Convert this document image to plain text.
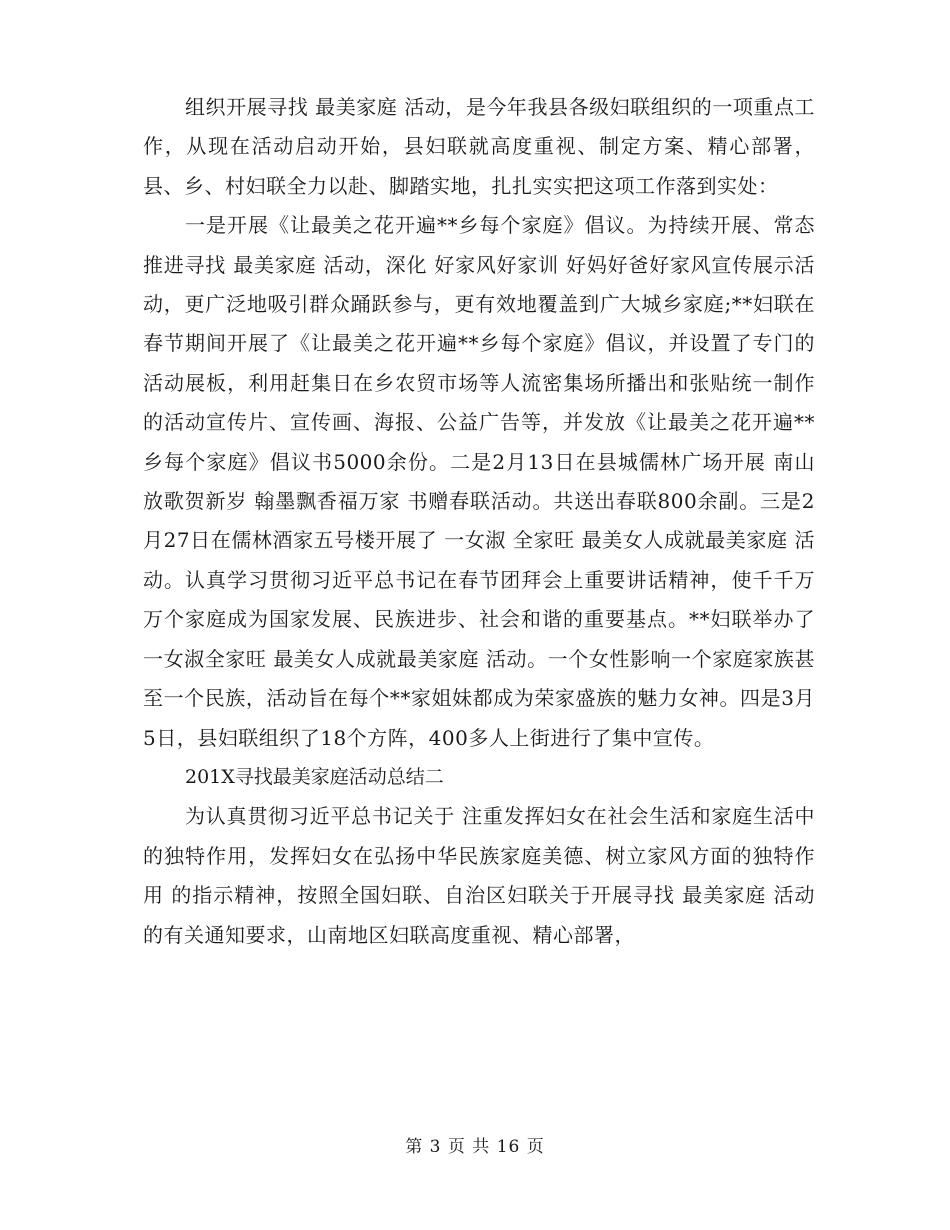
组织开展寻找 最美家庭 活动，是今年我县各级妇联组织的一项重点工作，从现在活动启动开始，县妇联就高度重视、制定方案、精心部署，县、乡、村妇联全力以赴、脚踏实地，扎扎实实把这项工作落到实处：

一是开展《让最美之花开遍**乡每个家庭》倡议。为持续开展、常态推进寻找 最美家庭 活动，深化 好家风好家训 好妈好爸好家风宣传展示活动，更广泛地吸引群众踊跃参与，更有效地覆盖到广大城乡家庭;**妇联在春节期间开展了《让最美之花开遍**乡每个家庭》倡议，并设置了专门的活动展板，利用赶集日在乡农贸市场等人流密集场所播出和张贴统一制作的活动宣传片、宣传画、海报、公益广告等，并发放《让最美之花开遍**乡每个家庭》倡议书5000余份。二是2月13日在县城儒林广场开展 南山放歌贺新岁 翰墨飘香福万家 书赠春联活动。共送出春联800余副。三是2月27日在儒林酒家五号楼开展了 一女淑 全家旺 最美女人成就最美家庭 活动。认真学习贯彻习近平总书记在春节团拜会上重要讲话精神，使千千万万个家庭成为国家发展、民族进步、社会和谐的重要基点。**妇联举办了 一女淑全家旺 最美女人成就最美家庭 活动。一个女性影响一个家庭家族甚至一个民族，活动旨在每个**家姐妹都成为荣家盛族的魅力女神。四是3月5日，县妇联组织了18个方阵，400多人上街进行了集中宣传。

201X寻找最美家庭活动总结二

为认真贯彻习近平总书记关于 注重发挥妇女在社会生活和家庭生活中的独特作用，发挥妇女在弘扬中华民族家庭美德、树立家风方面的独特作用 的指示精神，按照全国妇联、自治区妇联关于开展寻找 最美家庭 活动的有关通知要求，山南地区妇联高度重视、精心部署，

第 3 页 共 16 页
